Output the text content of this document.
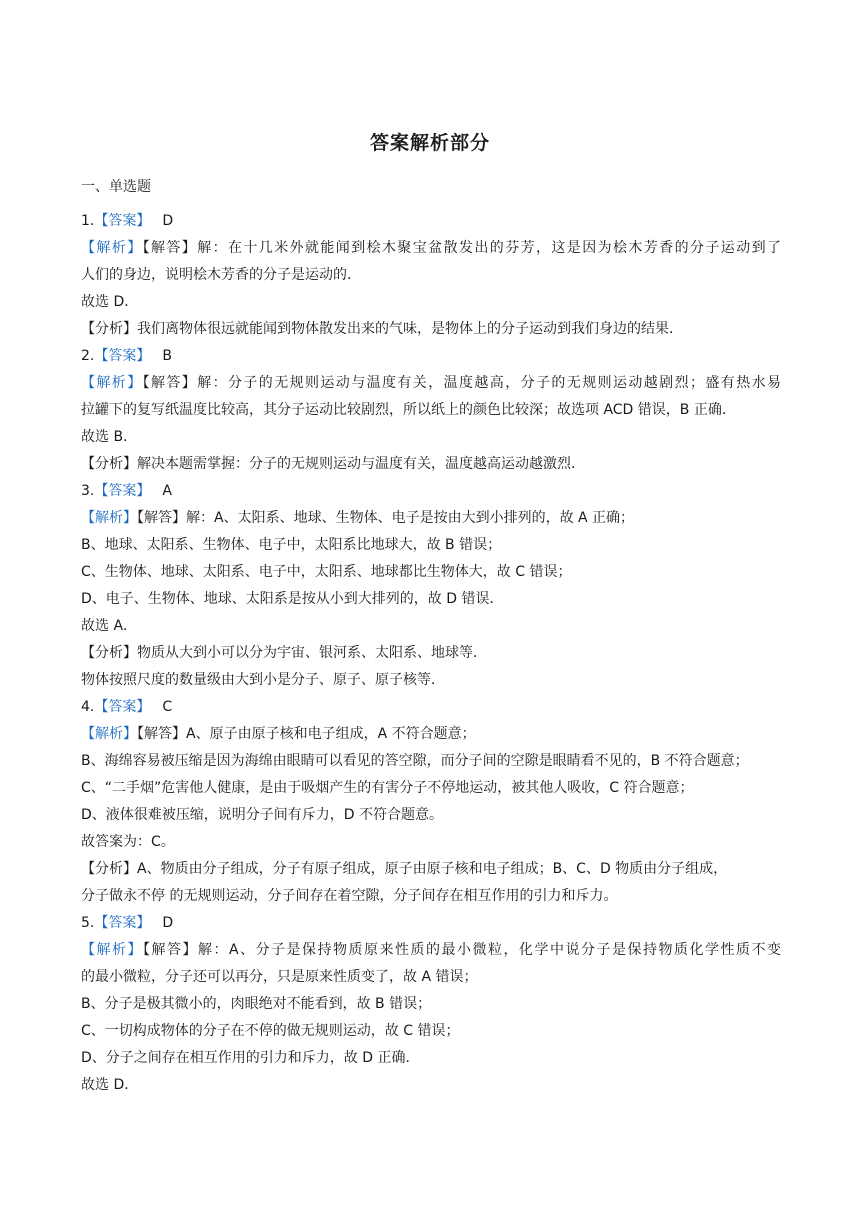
答案解析部分
一、单选题
1.【答案】 D
【解析】【解答】解：在十几米外就能闻到桧木聚宝盆散发出的芬芳，这是因为桧木芳香的分子运动到了
人们的身边，说明桧木芳香的分子是运动的．
故选 D．
【分析】我们离物体很远就能闻到物体散发出来的气味，是物体上的分子运动到我们身边的结果．
2.【答案】 B
【解析】【解答】解：分子的无规则运动与温度有关，温度越高，分子的无规则运动越剧烈；盛有热水易
拉罐下的复写纸温度比较高，其分子运动比较剧烈，所以纸上的颜色比较深；故选项 ACD 错误，B 正确．
故选 B．
【分析】解决本题需掌握：分子的无规则运动与温度有关，温度越高运动越激烈．
3.【答案】 A
【解析】【解答】解：A、太阳系、地球、生物体、电子是按由大到小排列的，故 A 正确；
B、地球、太阳系、生物体、电子中，太阳系比地球大，故 B 错误；
C、生物体、地球、太阳系、电子中，太阳系、地球都比生物体大，故 C 错误；
D、电子、生物体、地球、太阳系是按从小到大排列的，故 D 错误．
故选 A．
【分析】物质从大到小可以分为宇宙、银河系、太阳系、地球等．
物体按照尺度的数量级由大到小是分子、原子、原子核等．
4.【答案】 C
【解析】【解答】A、原子由原子核和电子组成，A 不符合题意；
B、海绵容易被压缩是因为海绵由眼睛可以看见的答空隙，而分子间的空隙是眼睛看不见的，B 不符合题意；
C、“二手烟”危害他人健康，是由于吸烟产生的有害分子不停地运动，被其他人吸收，C 符合题意；
D、液体很难被压缩，说明分子间有斥力，D 不符合题意。
故答案为：C。
【分析】A、物质由分子组成，分子有原子组成，原子由原子核和电子组成；B、C、D 物质由分子组成，
分子做永不停 的无规则运动，分子间存在着空隙，分子间存在相互作用的引力和斥力。
5.【答案】 D
【解析】【解答】解：A、分子是保持物质原来性质的最小微粒，化学中说分子是保持物质化学性质不变
的最小微粒，分子还可以再分，只是原来性质变了，故 A 错误；
B、分子是极其微小的，肉眼绝对不能看到，故 B 错误；
C、一切构成物体的分子在不停的做无规则运动，故 C 错误；
D、分子之间存在相互作用的引力和斥力，故 D 正确．
故选 D．
